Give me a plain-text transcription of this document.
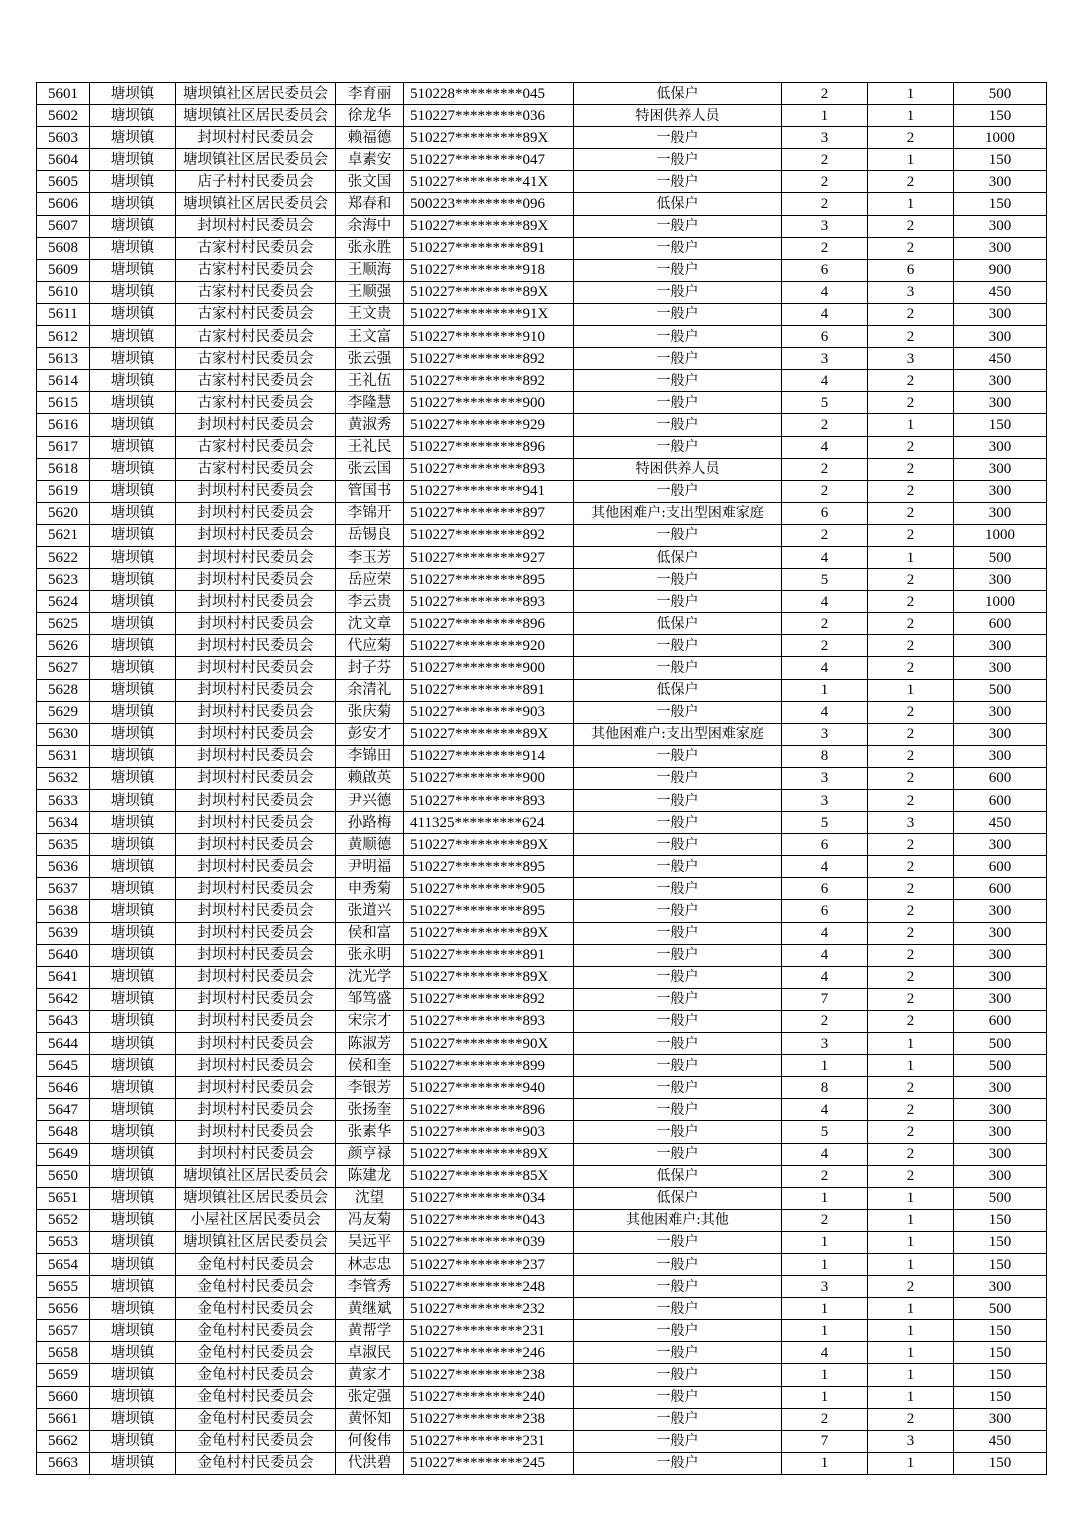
5601	塘坝镇	塘坝镇社区居民委员会	李育丽	510228*********045	低保户	2	1	500
5602	塘坝镇	塘坝镇社区居民委员会	徐龙华	510227*********036	特困供养人员	1	1	150
5603	塘坝镇	封坝村村民委员会	赖福德	510227*********89X	一般户	3	2	1000
5604	塘坝镇	塘坝镇社区居民委员会	卓素安	510227*********047	一般户	2	1	150
5605	塘坝镇	店子村村民委员会	张文国	510227*********41X	一般户	2	2	300
5606	塘坝镇	塘坝镇社区居民委员会	郑春和	500223*********096	低保户	2	1	150
5607	塘坝镇	封坝村村民委员会	余海中	510227*********89X	一般户	3	2	300
5608	塘坝镇	古家村村民委员会	张永胜	510227*********891	一般户	2	2	300
5609	塘坝镇	古家村村民委员会	王顺海	510227*********918	一般户	6	6	900
5610	塘坝镇	古家村村民委员会	王顺强	510227*********89X	一般户	4	3	450
5611	塘坝镇	古家村村民委员会	王文贵	510227*********91X	一般户	4	2	300
5612	塘坝镇	古家村村民委员会	王文富	510227*********910	一般户	6	2	300
5613	塘坝镇	古家村村民委员会	张云强	510227*********892	一般户	3	3	450
5614	塘坝镇	古家村村民委员会	王礼伍	510227*********892	一般户	4	2	300
5615	塘坝镇	古家村村民委员会	李隆慧	510227*********900	一般户	5	2	300
5616	塘坝镇	封坝村村民委员会	黄淑秀	510227*********929	一般户	2	1	150
5617	塘坝镇	古家村村民委员会	王礼民	510227*********896	一般户	4	2	300
5618	塘坝镇	古家村村民委员会	张云国	510227*********893	特困供养人员	2	2	300
5619	塘坝镇	封坝村村民委员会	管国书	510227*********941	一般户	2	2	300
5620	塘坝镇	封坝村村民委员会	李锦开	510227*********897	其他困难户:支出型困难家庭	6	2	300
5621	塘坝镇	封坝村村民委员会	岳锡良	510227*********892	一般户	2	2	1000
5622	塘坝镇	封坝村村民委员会	李玉芳	510227*********927	低保户	4	1	500
5623	塘坝镇	封坝村村民委员会	岳应荣	510227*********895	一般户	5	2	300
5624	塘坝镇	封坝村村民委员会	李云贵	510227*********893	一般户	4	2	1000
5625	塘坝镇	封坝村村民委员会	沈文章	510227*********896	低保户	2	2	600
5626	塘坝镇	封坝村村民委员会	代应菊	510227*********920	一般户	2	2	300
5627	塘坝镇	封坝村村民委员会	封子芬	510227*********900	一般户	4	2	300
5628	塘坝镇	封坝村村民委员会	余清礼	510227*********891	低保户	1	1	500
5629	塘坝镇	封坝村村民委员会	张庆菊	510227*********903	一般户	4	2	300
5630	塘坝镇	封坝村村民委员会	彭安才	510227*********89X	其他困难户:支出型困难家庭	3	2	300
5631	塘坝镇	封坝村村民委员会	李锦田	510227*********914	一般户	8	2	300
5632	塘坝镇	封坝村村民委员会	赖啟英	510227*********900	一般户	3	2	600
5633	塘坝镇	封坝村村民委员会	尹兴德	510227*********893	一般户	3	2	600
5634	塘坝镇	封坝村村民委员会	孙路梅	411325*********624	一般户	5	3	450
5635	塘坝镇	封坝村村民委员会	黄顺德	510227*********89X	一般户	6	2	300
5636	塘坝镇	封坝村村民委员会	尹明福	510227*********895	一般户	4	2	600
5637	塘坝镇	封坝村村民委员会	申秀菊	510227*********905	一般户	6	2	600
5638	塘坝镇	封坝村村民委员会	张道兴	510227*********895	一般户	6	2	300
5639	塘坝镇	封坝村村民委员会	侯和富	510227*********89X	一般户	4	2	300
5640	塘坝镇	封坝村村民委员会	张永明	510227*********891	一般户	4	2	300
5641	塘坝镇	封坝村村民委员会	沈光学	510227*********89X	一般户	4	2	300
5642	塘坝镇	封坝村村民委员会	邹笃盛	510227*********892	一般户	7	2	300
5643	塘坝镇	封坝村村民委员会	宋宗才	510227*********893	一般户	2	2	600
5644	塘坝镇	封坝村村民委员会	陈淑芳	510227*********90X	一般户	3	1	500
5645	塘坝镇	封坝村村民委员会	侯和奎	510227*********899	一般户	1	1	500
5646	塘坝镇	封坝村村民委员会	李银芳	510227*********940	一般户	8	2	300
5647	塘坝镇	封坝村村民委员会	张扬奎	510227*********896	一般户	4	2	300
5648	塘坝镇	封坝村村民委员会	张素华	510227*********903	一般户	5	2	300
5649	塘坝镇	封坝村村民委员会	颜亨禄	510227*********89X	一般户	4	2	300
5650	塘坝镇	塘坝镇社区居民委员会	陈建龙	510227*********85X	低保户	2	2	300
5651	塘坝镇	塘坝镇社区居民委员会	沈望	510227*********034	低保户	1	1	500
5652	塘坝镇	小屋社区居民委员会	冯友菊	510227*********043	其他困难户:其他	2	1	150
5653	塘坝镇	塘坝镇社区居民委员会	吴远平	510227*********039	一般户	1	1	150
5654	塘坝镇	金龟村村民委员会	林志忠	510227*********237	一般户	1	1	150
5655	塘坝镇	金龟村村民委员会	李管秀	510227*********248	一般户	3	2	300
5656	塘坝镇	金龟村村民委员会	黄继斌	510227*********232	一般户	1	1	500
5657	塘坝镇	金龟村村民委员会	黄帮学	510227*********231	一般户	1	1	150
5658	塘坝镇	金龟村村民委员会	卓淑民	510227*********246	一般户	4	1	150
5659	塘坝镇	金龟村村民委员会	黄家才	510227*********238	一般户	1	1	150
5660	塘坝镇	金龟村村民委员会	张定强	510227*********240	一般户	1	1	150
5661	塘坝镇	金龟村村民委员会	黄怀知	510227*********238	一般户	2	2	300
5662	塘坝镇	金龟村村民委员会	何俊伟	510227*********231	一般户	7	3	450
5663	塘坝镇	金龟村村民委员会	代洪碧	510227*********245	一般户	1	1	150
